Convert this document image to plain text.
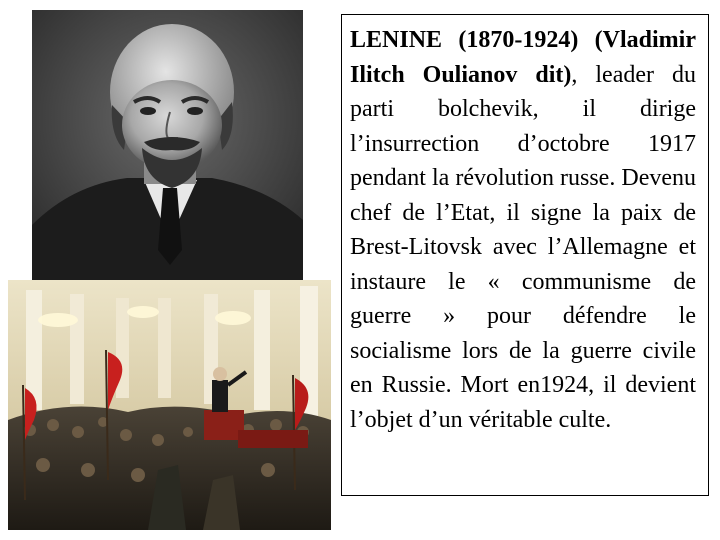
LENINE (1870-1924) (Vladimir Ilitch Oulianov dit), leader du parti bolchevik, il dirige l’insurrection d’octobre 1917 pendant la révolution russe. Devenu chef de l’Etat, il signe la paix de Brest-Litovsk avec l’Allemagne et instaure le « communisme de guerre » pour défendre le socialisme lors de la guerre civile en Russie. Mort en1924, il devient l’objet d’un véritable culte.
